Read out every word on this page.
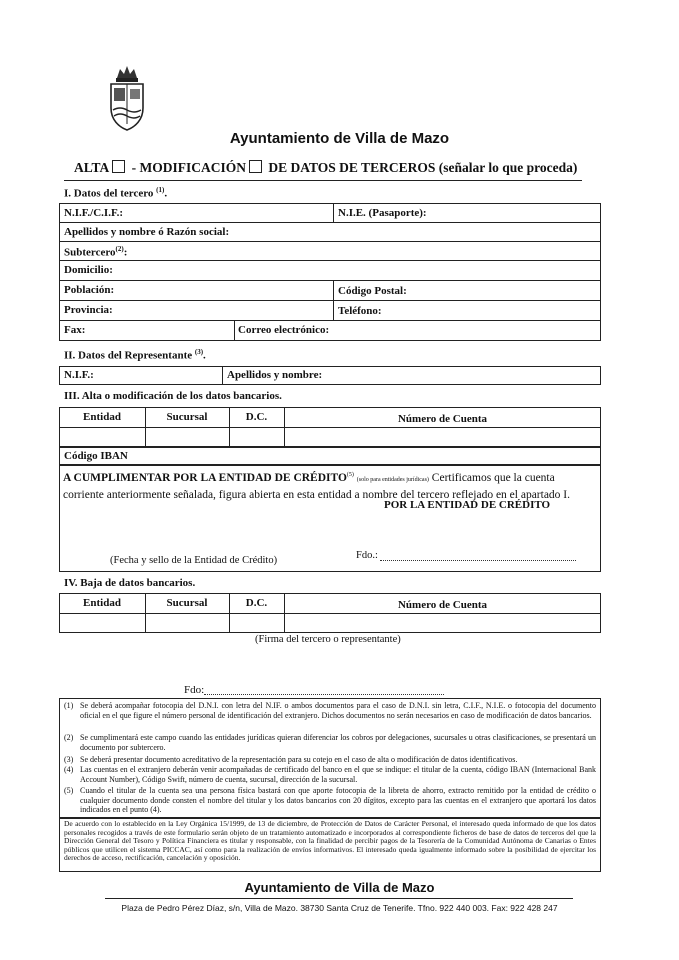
Ayuntamiento de Villa de Mazo
ALTA - MODIFICACIÓN DE DATOS DE TERCEROS (señalar lo que proceda)
I. Datos del tercero $^{(1)}$.
N.I.F./C.I.F.:	N.I.E. (Pasaporte):
Apellidos y nombre ó Razón social:
Subtercero$^{(2)}$:
Domicilio:
Población:	Código Postal:
Provincia:	Teléfono:
Fax:	Correo electrónico:
II. Datos del Representante $^{(3)}$.
N.I.F.:	Apellidos y nombre:
III. Alta o modificación de los datos bancarios.
Entidad	Sucursal	D.C.	Número de Cuenta
Código IBAN
A CUMPLIMENTAR POR LA ENTIDAD DE CRÉDITO$^{(5)}$ (solo para entidades jurídicas) Certificamos que la cuenta
corriente anteriormente señalada, figura abierta en esta entidad a nombre del tercero reflejado en el apartado I.
POR LA ENTIDAD DE CRÉDITO
(Fecha y sello de la Entidad de Crédito)	Fdo.:
IV. Baja de datos bancarios.
Entidad	Sucursal	D.C.	Número de Cuenta
(Firma del tercero o representante)
Fdo:
(1) Se deberá acompañar fotocopia del D.N.I. con letra del N.IF. o ambos documentos para el caso de D.N.I. sin letra, C.I.F., N.I.E. o fotocopia del documento oficial en el que figure el número personal de identificación del extranjero. Dichos documentos no serán necesarios en caso de modificación de datos bancarios.
(2) Se cumplimentará este campo cuando las entidades jurídicas quieran diferenciar los cobros por delegaciones, sucursales u otras clasificaciones, se presentará un documento por subtercero.
(3) Se deberá presentar documento acreditativo de la representación para su cotejo en el caso de alta o modificación de datos identificativos.
(4) Las cuentas en el extranjero deberán venir acompañadas de certificado del banco en el que se indique: el titular de la cuenta, código IBAN (Internacional Bank Account Number), Código Swift, número de cuenta, sucursal, dirección de la sucursal.
(5) Cuando el titular de la cuenta sea una persona física bastará con que aporte fotocopia de la libreta de ahorro, extracto remitido por la entidad de crédito o cualquier documento donde consten el nombre del titular y los datos bancarios con 20 dígitos, excepto para las cuentas en el extranjero que aportará los datos indicados en el punto (4).
De acuerdo con lo establecido en la Ley Orgánica 15/1999, de 13 de diciembre, de Protección de Datos de Carácter Personal, el interesado queda informado de que los datos personales recogidos a través de este formulario serán objeto de un tratamiento automatizado e incorporados al correspondiente ficheros de base de datos de terceros del que la Dirección General del Tesoro y Política Financiera es titular y responsable, con la finalidad de percibir pagos de la Tesorería de la Comunidad Autónoma de Canarias o Entes públicos que utilicen el sistema PICCAC, así como para la realización de envíos informativos. El interesado queda igualmente informado sobre la posibilidad de ejercitar los derechos de acceso, rectificación, cancelación y oposición.
Ayuntamiento de Villa de Mazo
Plaza de Pedro Pérez Díaz, s/n, Villa de Mazo. 38730 Santa Cruz de Tenerife. Tfno. 922 440 003. Fax: 922 428 247
